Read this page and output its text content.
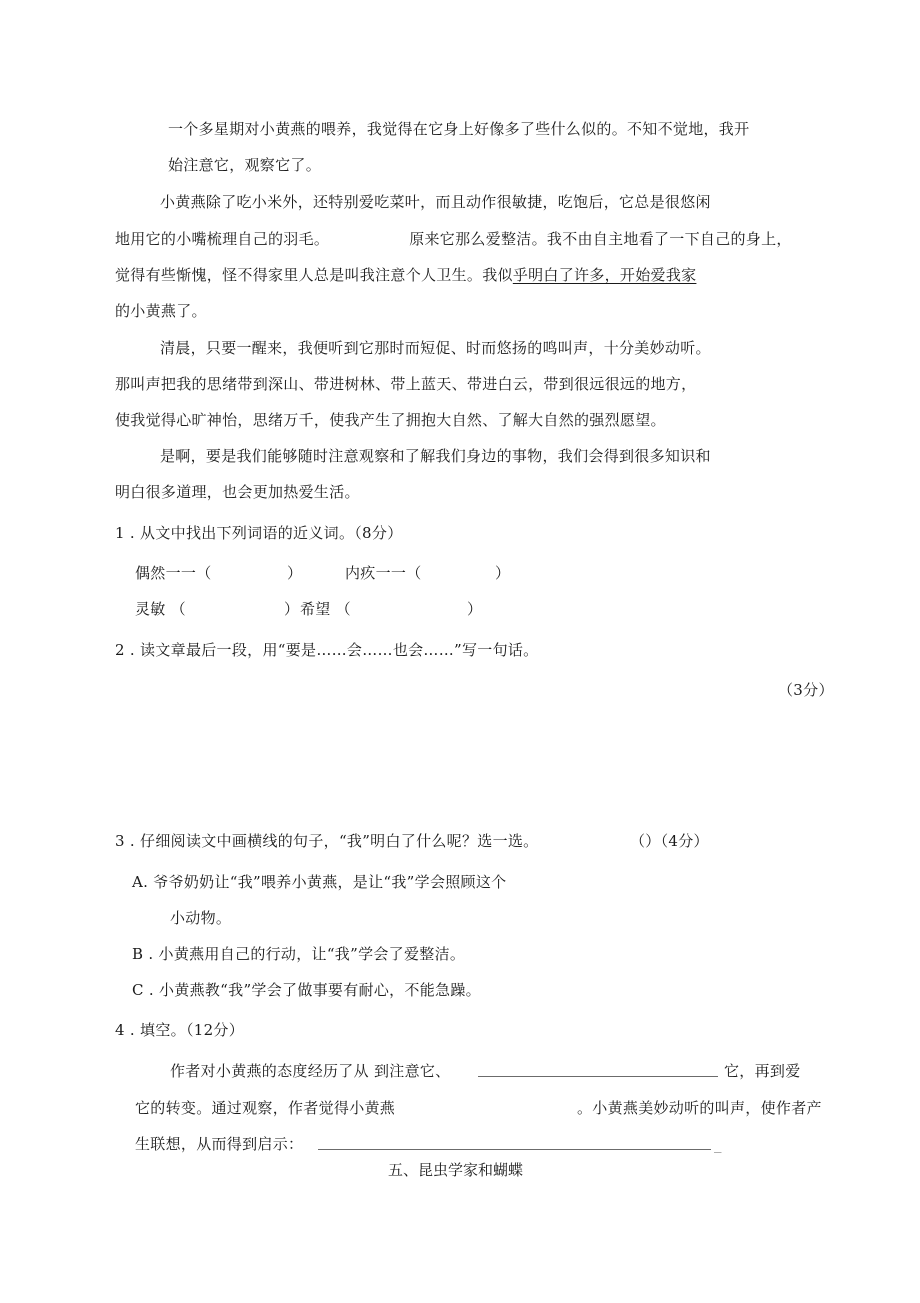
一个多星期对小黄燕的喂养，我觉得在它身上好像多了些什么似的。不知不觉地，我开
始注意它，观察它了。
小黄燕除了吃小米外，还特别爱吃菜叶，而且动作很敏捷，吃饱后，它总是很悠闲
地用它的小嘴梳理自己的羽毛。	原来它那么爱整洁。我不由自主地看了一下自己的身上，
觉得有些惭愧，怪不得家里人总是叫我注意个人卫生。我似乎明白了许多，开始爱我家
的小黄燕了。
清晨，只要一醒来，我便听到它那时而短促、时而悠扬的鸣叫声，十分美妙动听。
那叫声把我的思绪带到深山、带进树林、带上蓝天、带进白云，带到很远很远的地方，
使我觉得心旷神怡，思绪万千，使我产生了拥抱大自然、了解大自然的强烈愿望。
是啊，要是我们能够随时注意观察和了解我们身边的事物，我们会得到很多知识和
明白很多道理，也会更加热爱生活。
1 . 从文中找出下列词语的近义词。（8分）
偶然一一（	）	内疚一一（	）
灵敏 （	） 希望 （	）
2 . 读文章最后一段，用“要是……会……也会……”写一句话。
（3分）
3 . 仔细阅读文中画横线的句子，“我”明白了什么呢？选一选。	（）（4分）
A. 爷爷奶奶让“我”喂养小黄燕，是让“我”学会照顾这个
小动物。
B . 小黄燕用自己的行动，让“我”学会了爱整洁。
C . 小黄燕教“我”学会了做事要有耐心，不能急躁。
4 . 填空。（12分）
作者对小黄燕的态度经历了从 到注意它、	它，再到爱
它的转变。通过观察，作者觉得小黄燕	。小黄燕美妙动听的叫声，使作者产
生联想，从而得到启示：	_
五、昆虫学家和蝴蝶
